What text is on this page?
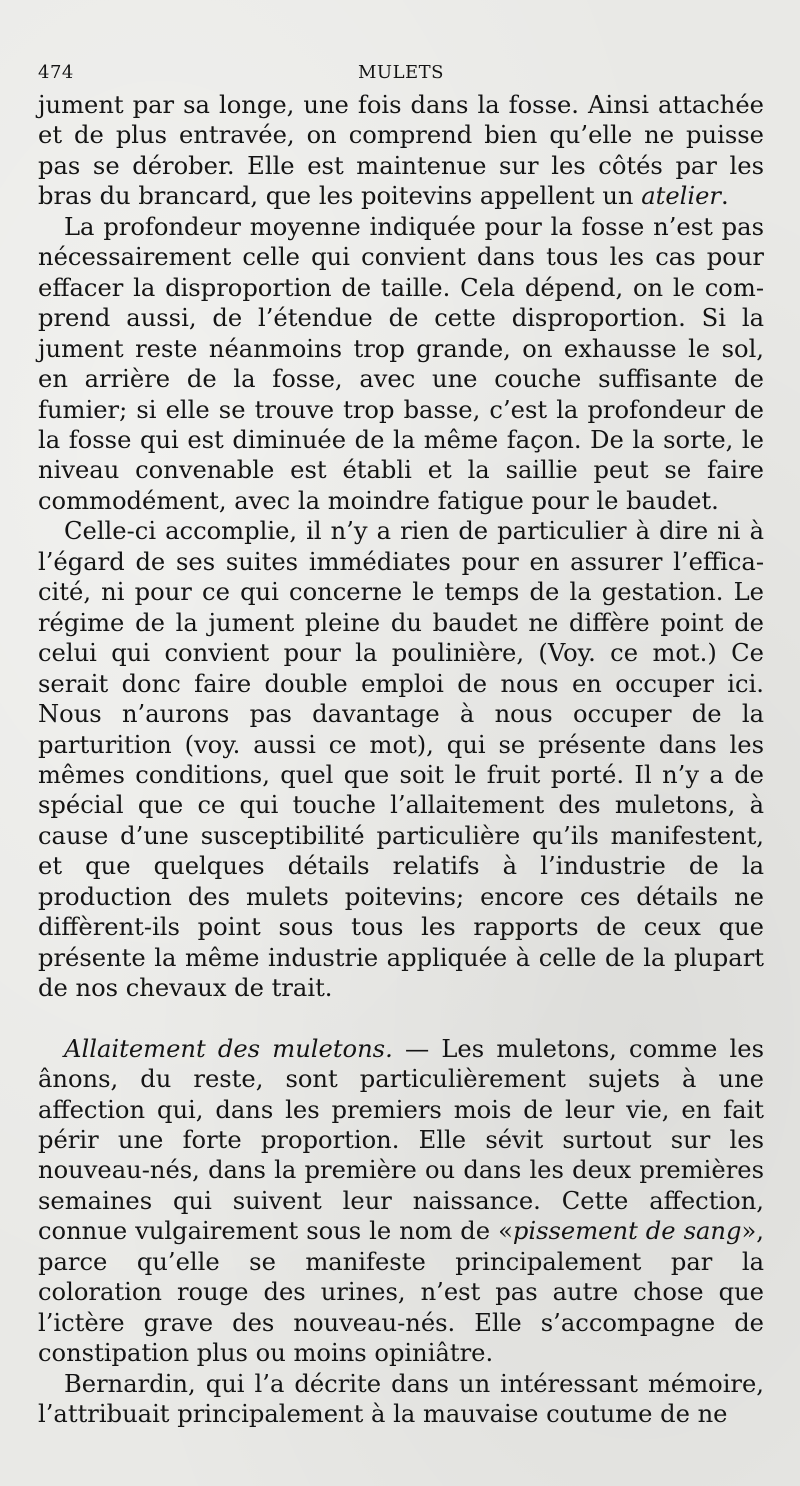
474	MULETS

jument par sa longe, une fois dans la fosse. Ainsi attachée et de plus entravée, on comprend bien qu’elle ne puisse pas se dérober. Elle est maintenue sur les côtés par les bras du brancard, que les poitevins appellent un atelier.

La profondeur moyenne indiquée pour la fosse n’est pas nécessairement celle qui convient dans tous les cas pour effacer la disproportion de taille. Cela dépend, on le comprend aussi, de l’étendue de cette disproportion. Si la jument reste néanmoins trop grande, on exhausse le sol, en arrière de la fosse, avec une couche suffisante de fumier; si elle se trouve trop basse, c’est la profondeur de la fosse qui est diminuée de la même façon. De la sorte, le niveau convenable est établi et la saillie peut se faire commodément, avec la moindre fatigue pour le baudet.

Celle-ci accomplie, il n’y a rien de particulier à dire ni à l’égard de ses suites immédiates pour en assurer l’efficacité, ni pour ce qui concerne le temps de la gestation. Le régime de la jument pleine du baudet ne diffère point de celui qui convient pour la poulinière, (Voy. ce mot.) Ce serait donc faire double emploi de nous en occuper ici. Nous n’aurons pas davantage à nous occuper de la parturition (voy. aussi ce mot), qui se présente dans les mêmes conditions, quel que soit le fruit porté. Il n’y a de spécial que ce qui touche l’allaitement des muletons, à cause d’une susceptibilité particulière qu’ils manifestent, et que quelques détails relatifs à l’industrie de la production des mulets poitevins; encore ces détails ne diffèrent-ils point sous tous les rapports de ceux que présente la même industrie appliquée à celle de la plupart de nos chevaux de trait.

Allaitement des muletons. — Les muletons, comme les ânons, du reste, sont particulièrement sujets à une affection qui, dans les premiers mois de leur vie, en fait périr une forte proportion. Elle sévit surtout sur les nouveau-nés, dans la première ou dans les deux premières semaines qui suivent leur naissance. Cette affection, connue vulgairement sous le nom de «pissement de sang», parce qu’elle se manifeste principalement par la coloration rouge des urines, n’est pas autre chose que l’ictère grave des nouveau-nés. Elle s’accompagne de constipation plus ou moins opiniâtre.

Bernardin, qui l’a décrite dans un intéressant mémoire, l’attribuait principalement à la mauvaise coutume de ne
